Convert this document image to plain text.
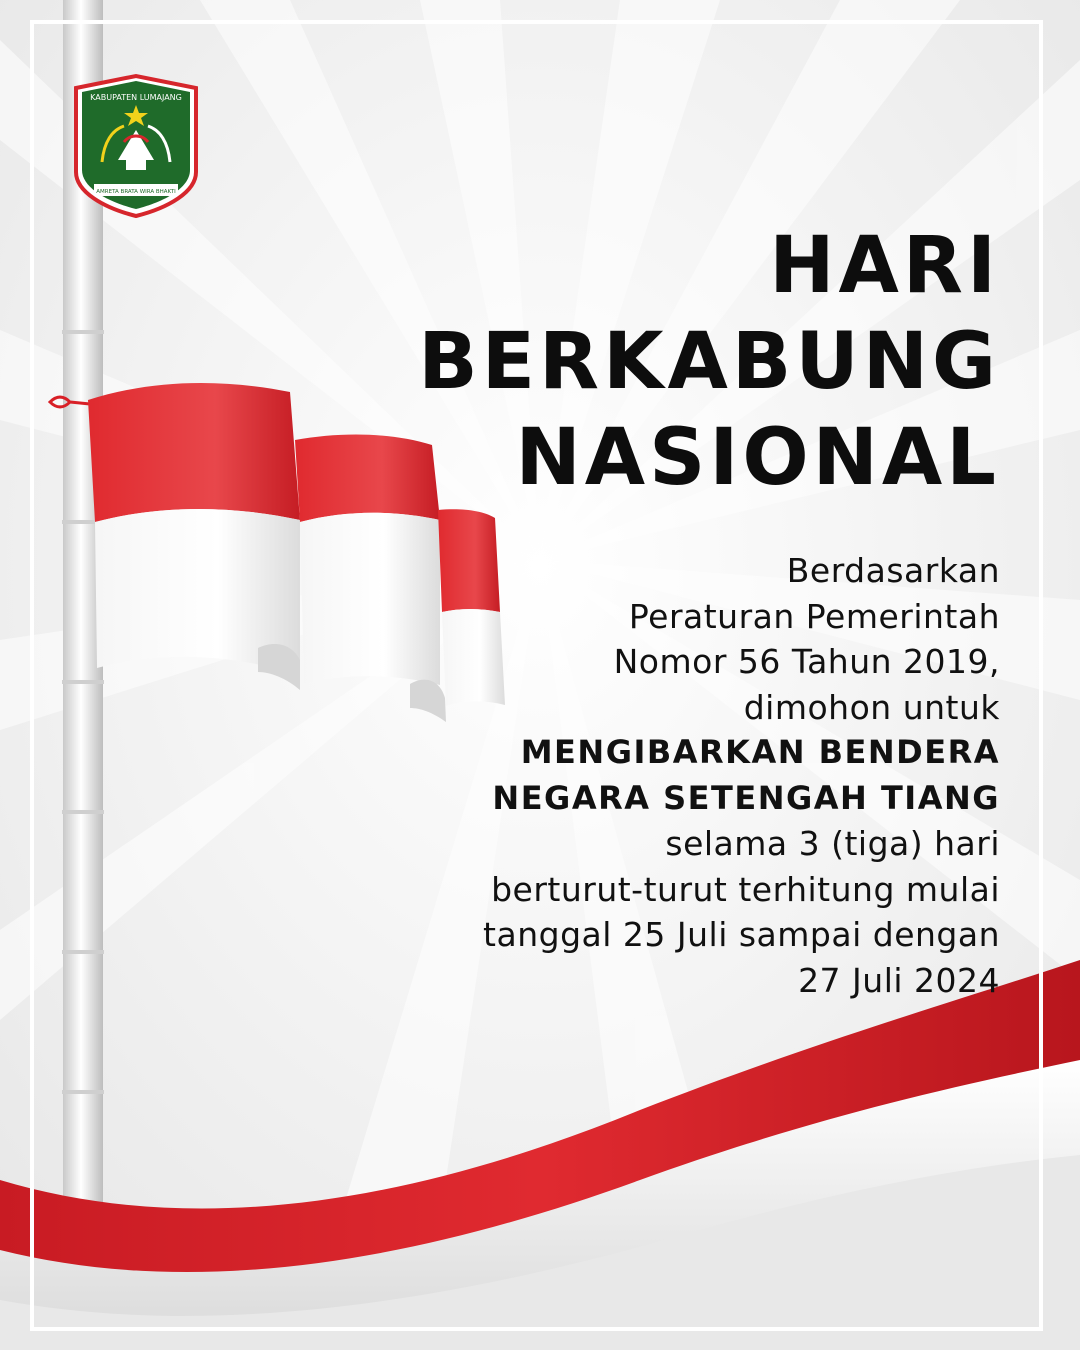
KABUPATEN LUMAJANG
AMRETA BRATA WIRA BHAKTI
HARI
BERKABUNG
NASIONAL
Berdasarkan
Peraturan Pemerintah
Nomor 56 Tahun 2019,
dimohon untuk
MENGIBARKAN BENDERA
NEGARA SETENGAH TIANG
selama 3 (tiga) hari
berturut-turut terhitung mulai
tanggal 25 Juli sampai dengan
27 Juli 2024
